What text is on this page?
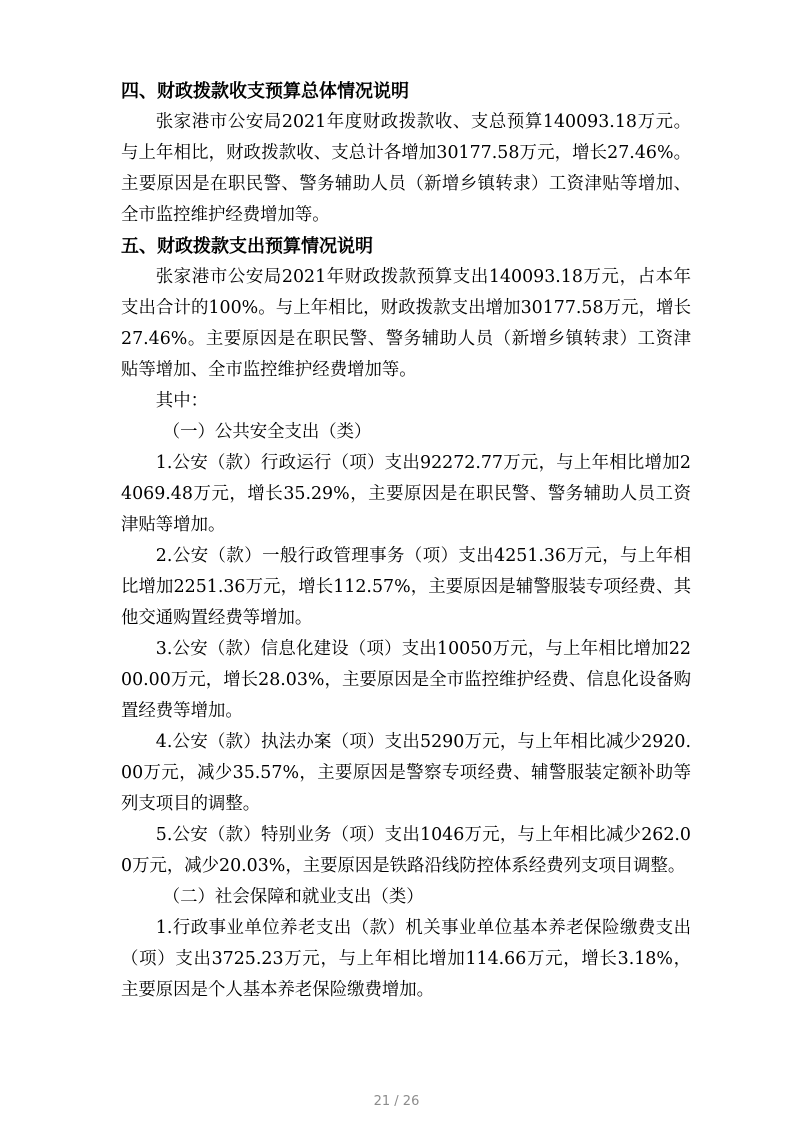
四、财政拨款收支预算总体情况说明

张家港市公安局2021年度财政拨款收、支总预算140093.18万元。与上年相比，财政拨款收、支总计各增加30177.58万元，增长27.46%。主要原因是在职民警、警务辅助人员（新增乡镇转隶）工资津贴等增加、全市监控维护经费增加等。

五、财政拨款支出预算情况说明

张家港市公安局2021年财政拨款预算支出140093.18万元，占本年支出合计的100%。与上年相比，财政拨款支出增加30177.58万元，增长27.46%。主要原因是在职民警、警务辅助人员（新增乡镇转隶）工资津贴等增加、全市监控维护经费增加等。

其中：

（一）公共安全支出（类）

1.公安（款）行政运行（项）支出92272.77万元，与上年相比增加24069.48万元，增长35.29%，主要原因是在职民警、警务辅助人员工资津贴等增加。

2.公安（款）一般行政管理事务（项）支出4251.36万元，与上年相比增加2251.36万元，增长112.57%，主要原因是辅警服装专项经费、其他交通购置经费等增加。

3.公安（款）信息化建设（项）支出10050万元，与上年相比增加2200.00万元，增长28.03%，主要原因是全市监控维护经费、信息化设备购置经费等增加。

4.公安（款）执法办案（项）支出5290万元，与上年相比减少2920.00万元，减少35.57%，主要原因是警察专项经费、辅警服装定额补助等列支项目的调整。

5.公安（款）特别业务（项）支出1046万元，与上年相比减少262.00万元，减少20.03%，主要原因是铁路沿线防控体系经费列支项目调整。

（二）社会保障和就业支出（类）

1.行政事业单位养老支出（款）机关事业单位基本养老保险缴费支出（项）支出3725.23万元，与上年相比增加114.66万元，增长3.18%，主要原因是个人基本养老保险缴费增加。

21 / 26
